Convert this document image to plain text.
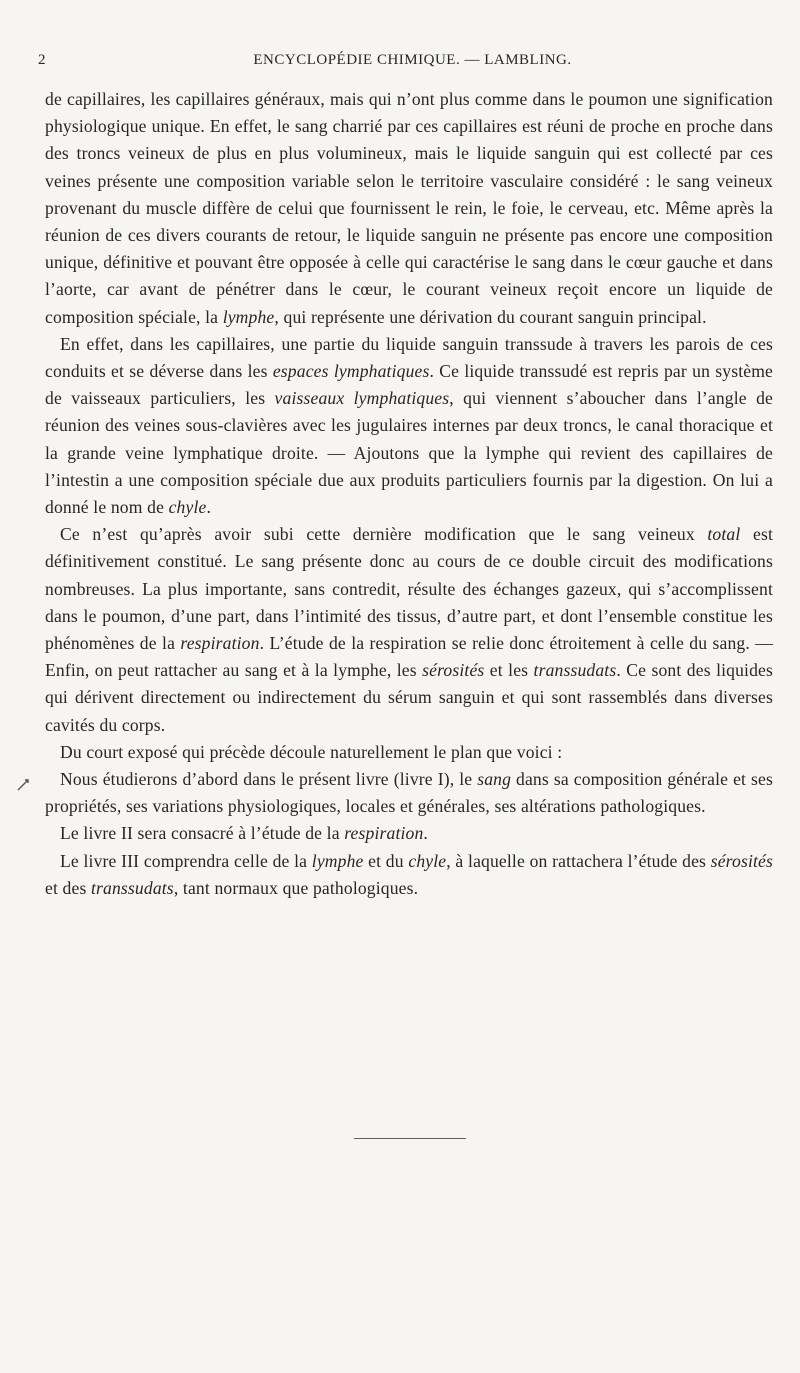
2	ENCYCLOPÉDIE CHIMIQUE. — LAMBLING.

de capillaires, les capillaires généraux, mais qui n’ont plus comme dans le poumon une signification physiologique unique. En effet, le sang charrié par ces capillaires est réuni de proche en proche dans des troncs veineux de plus en plus volumineux, mais le liquide sanguin qui est collecté par ces veines présente une composition variable selon le territoire vasculaire considéré : le sang veineux provenant du muscle diffère de celui que fournissent le rein, le foie, le cerveau, etc. Même après la réunion de ces divers courants de retour, le liquide sanguin ne présente pas encore une composition unique, définitive et pouvant être opposée à celle qui caractérise le sang dans le cœur gauche et dans l’aorte, car avant de pénétrer dans le cœur, le courant veineux reçoit encore un liquide de composition spéciale, la lymphe, qui représente une dérivation du courant sanguin principal.

En effet, dans les capillaires, une partie du liquide sanguin transsude à travers les parois de ces conduits et se déverse dans les espaces lymphatiques. Ce liquide transsudé est repris par un système de vaisseaux particuliers, les vaisseaux lymphatiques, qui viennent s’aboucher dans l’angle de réunion des veines sous-clavières avec les jugulaires internes par deux troncs, le canal thoracique et la grande veine lymphatique droite. — Ajoutons que la lymphe qui revient des capillaires de l’intestin a une composition spéciale due aux produits particuliers fournis par la digestion. On lui a donné le nom de chyle.

Ce n’est qu’après avoir subi cette dernière modification que le sang veineux total est définitivement constitué. Le sang présente donc au cours de ce double circuit des modifications nombreuses. La plus importante, sans contredit, résulte des échanges gazeux, qui s’accomplissent dans le poumon, d’une part, dans l’intimité des tissus, d’autre part, et dont l’ensemble constitue les phénomènes de la respiration. L’étude de la respiration se relie donc étroitement à celle du sang. — Enfin, on peut rattacher au sang et à la lymphe, les sérosités et les transsudats. Ce sont des liquides qui dérivent directement ou indirectement du sérum sanguin et qui sont rassemblés dans diverses cavités du corps.

Du court exposé qui précède découle naturellement le plan que voici :

Nous étudierons d’abord dans le présent livre (livre I), le sang dans sa composition générale et ses propriétés, ses variations physiologiques, locales et générales, ses altérations pathologiques.

Le livre II sera consacré à l’étude de la respiration.

Le livre III comprendra celle de la lymphe et du chyle, à laquelle on rattachera l’étude des sérosités et des transsudats, tant normaux que pathologiques.
